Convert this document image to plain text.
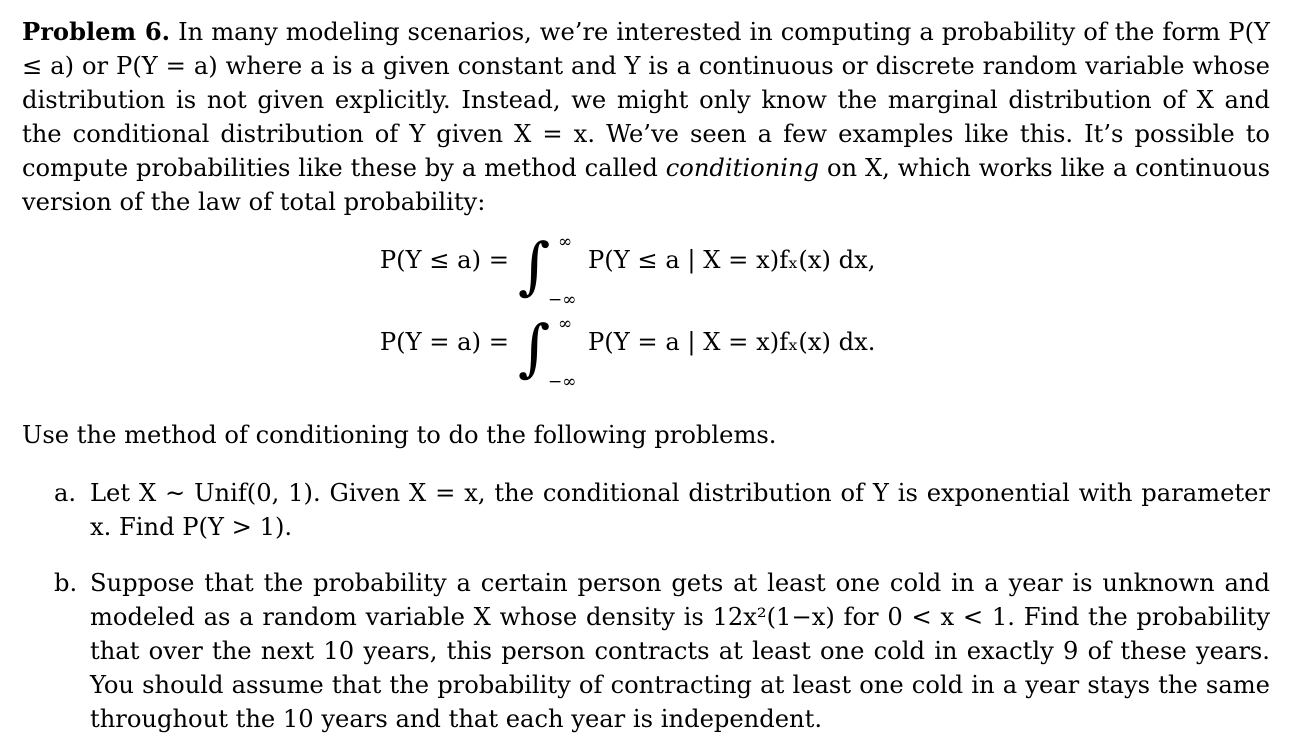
Problem 6. In many modeling scenarios, we’re interested in computing a probability of the form P(Y ≤ a) or P(Y = a) where a is a given constant and Y is a continuous or discrete random variable whose distribution is not given explicitly. Instead, we might only know the marginal distribution of X and the conditional distribution of Y given X = x. We’ve seen a few examples like this. It’s possible to compute probabilities like these by a method called conditioning on X, which works like a continuous version of the law of total probability:
P(Y ≤ a) = ∫ ∞
−∞
P(Y ≤ a | X = x)fₓ(x) dx,
P(Y = a) = ∫ ∞
−∞
P(Y = a | X = x)fₓ(x) dx.
Use the method of conditioning to do the following problems.
a. Let X ∼ Unif(0, 1). Given X = x, the conditional distribution of Y is exponential with parameter x. Find P(Y > 1).
b. Suppose that the probability a certain person gets at least one cold in a year is unknown and modeled as a random variable X whose density is 12x²(1−x) for 0 < x < 1. Find the probability that over the next 10 years, this person contracts at least one cold in exactly 9 of these years. You should assume that the probability of contracting at least one cold in a year stays the same throughout the 10 years and that each year is independent.
